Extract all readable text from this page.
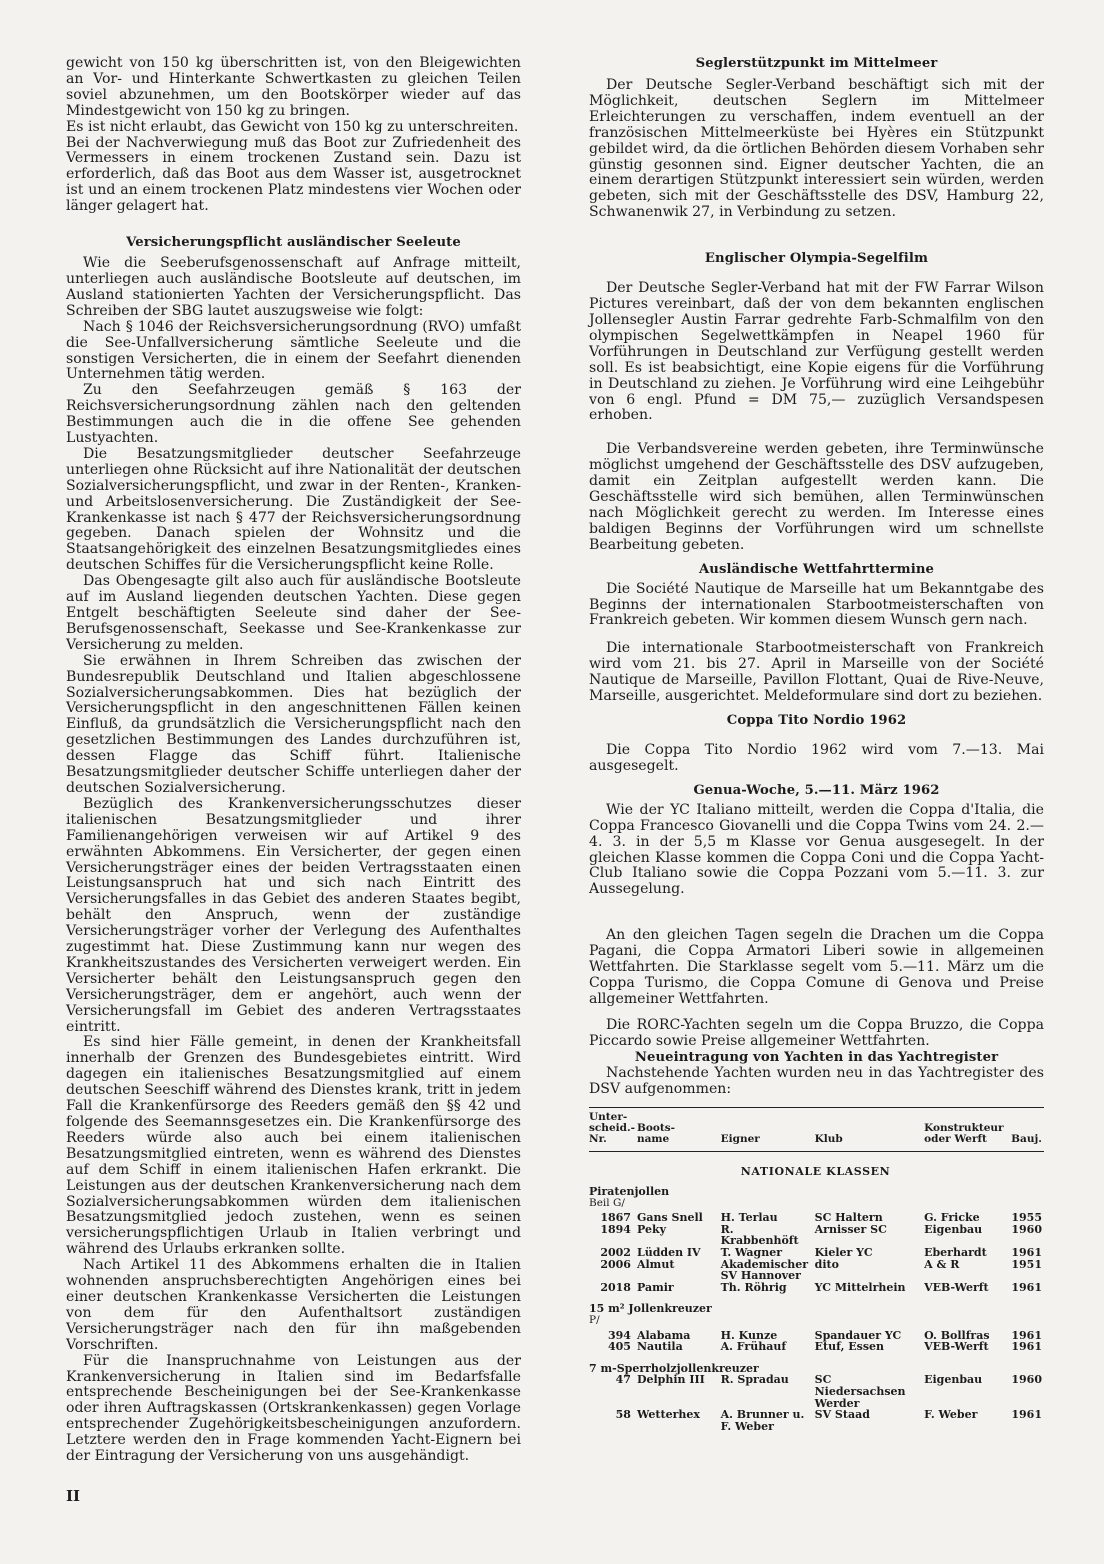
gewicht von 150 kg überschritten ist, von den Bleigewichten an Vor- und Hinterkante Schwertkasten zu gleichen Teilen soviel abzunehmen, um den Bootskörper wieder auf das Mindestgewicht von 150 kg zu bringen.

Es ist nicht erlaubt, das Gewicht von 150 kg zu unterschreiten.

Bei der Nachverwiegung muß das Boot zur Zufriedenheit des Vermessers in einem trockenen Zustand sein. Dazu ist erforderlich, daß das Boot aus dem Wasser ist, ausgetrocknet ist und an einem trockenen Platz mindestens vier Wochen oder länger gelagert hat.

Versicherungspflicht ausländischer Seeleute

Wie die Seeberufsgenossenschaft auf Anfrage mitteilt, unterliegen auch ausländische Bootsleute auf deutschen, im Ausland stationierten Yachten der Versicherungspflicht. Das Schreiben der SBG lautet auszugsweise wie folgt:

Nach § 1046 der Reichsversicherungsordnung (RVO) umfaßt die See-Unfallversicherung sämtliche Seeleute und die sonstigen Versicherten, die in einem der Seefahrt dienenden Unternehmen tätig werden.

Zu den Seefahrzeugen gemäß § 163 der Reichsversicherungsordnung zählen nach den geltenden Bestimmungen auch die in die offene See gehenden Lustyachten.

Die Besatzungsmitglieder deutscher Seefahrzeuge unterliegen ohne Rücksicht auf ihre Nationalität der deutschen Sozialversicherungspflicht, und zwar in der Renten-, Kranken- und Arbeitslosenversicherung. Die Zuständigkeit der See-Krankenkasse ist nach § 477 der Reichsversicherungsordnung gegeben. Danach spielen der Wohnsitz und die Staatsangehörigkeit des einzelnen Besatzungsmitgliedes eines deutschen Schiffes für die Versicherungspflicht keine Rolle.

Das Obengesagte gilt also auch für ausländische Bootsleute auf im Ausland liegenden deutschen Yachten. Diese gegen Entgelt beschäftigten Seeleute sind daher der See-Berufsgenossenschaft, Seekasse und See-Krankenkasse zur Versicherung zu melden.

Sie erwähnen in Ihrem Schreiben das zwischen der Bundesrepublik Deutschland und Italien abgeschlossene Sozialversicherungsabkommen. Dies hat bezüglich der Versicherungspflicht in den angeschnittenen Fällen keinen Einfluß, da grundsätzlich die Versicherungspflicht nach den gesetzlichen Bestimmungen des Landes durchzuführen ist, dessen Flagge das Schiff führt. Italienische Besatzungsmitglieder deutscher Schiffe unterliegen daher der deutschen Sozialversicherung.

Bezüglich des Krankenversicherungsschutzes dieser italienischen Besatzungsmitglieder und ihrer Familienangehörigen verweisen wir auf Artikel 9 des erwähnten Abkommens. Ein Versicherter, der gegen einen Versicherungsträger eines der beiden Vertragsstaaten einen Leistungsanspruch hat und sich nach Eintritt des Versicherungsfalles in das Gebiet des anderen Staates begibt, behält den Anspruch, wenn der zuständige Versicherungsträger vorher der Verlegung des Aufenthaltes zugestimmt hat. Diese Zustimmung kann nur wegen des Krankheitszustandes des Versicherten verweigert werden. Ein Versicherter behält den Leistungsanspruch gegen den Versicherungsträger, dem er angehört, auch wenn der Versicherungsfall im Gebiet des anderen Vertragsstaates eintritt.

Es sind hier Fälle gemeint, in denen der Krankheitsfall innerhalb der Grenzen des Bundesgebietes eintritt. Wird dagegen ein italienisches Besatzungsmitglied auf einem deutschen Seeschiff während des Dienstes krank, tritt in jedem Fall die Krankenfürsorge des Reeders gemäß den §§ 42 und folgende des Seemannsgesetzes ein. Die Krankenfürsorge des Reeders würde also auch bei einem italienischen Besatzungsmitglied eintreten, wenn es während des Dienstes auf dem Schiff in einem italienischen Hafen erkrankt. Die Leistungen aus der deutschen Krankenversicherung nach dem Sozialversicherungsabkommen würden dem italienischen Besatzungsmitglied jedoch zustehen, wenn es seinen versicherungspflichtigen Urlaub in Italien verbringt und während des Urlaubs erkranken sollte.

Nach Artikel 11 des Abkommens erhalten die in Italien wohnenden anspruchsberechtigten Angehörigen eines bei einer deutschen Krankenkasse Versicherten die Leistungen von dem für den Aufenthaltsort zuständigen Versicherungsträger nach den für ihn maßgebenden Vorschriften.

Für die Inanspruchnahme von Leistungen aus der Krankenversicherung in Italien sind im Bedarfsfalle entsprechende Bescheinigungen bei der See-Krankenkasse oder ihren Auftragskassen (Ortskrankenkassen) gegen Vorlage entsprechender Zugehörigkeitsbescheinigungen anzufordern. Letztere werden den in Frage kommenden Yacht-Eignern bei der Eintragung der Versicherung von uns ausgehändigt.

Seglerstützpunkt im Mittelmeer

Der Deutsche Segler-Verband beschäftigt sich mit der Möglichkeit, deutschen Seglern im Mittelmeer Erleichterungen zu verschaffen, indem eventuell an der französischen Mittelmeerküste bei Hyères ein Stützpunkt gebildet wird, da die örtlichen Behörden diesem Vorhaben sehr günstig gesonnen sind. Eigner deutscher Yachten, die an einem derartigen Stützpunkt interessiert sein würden, werden gebeten, sich mit der Geschäftsstelle des DSV, Hamburg 22, Schwanenwik 27, in Verbindung zu setzen.

Englischer Olympia-Segelfilm

Der Deutsche Segler-Verband hat mit der FW Farrar Wilson Pictures vereinbart, daß der von dem bekannten englischen Jollensegler Austin Farrar gedrehte Farb-Schmalfilm von den olympischen Segelwettkämpfen in Neapel 1960 für Vorführungen in Deutschland zur Verfügung gestellt werden soll. Es ist beabsichtigt, eine Kopie eigens für die Vorführung in Deutschland zu ziehen. Je Vorführung wird eine Leihgebühr von 6 engl. Pfund = DM 75,— zuzüglich Versandspesen erhoben.

Die Verbandsvereine werden gebeten, ihre Terminwünsche möglichst umgehend der Geschäftsstelle des DSV aufzugeben, damit ein Zeitplan aufgestellt werden kann. Die Geschäftsstelle wird sich bemühen, allen Terminwünschen nach Möglichkeit gerecht zu werden. Im Interesse eines baldigen Beginns der Vorführungen wird um schnellste Bearbeitung gebeten.

Ausländische Wettfahrttermine

Die Société Nautique de Marseille hat um Bekanntgabe des Beginns der internationalen Starbootmeisterschaften von Frankreich gebeten. Wir kommen diesem Wunsch gern nach.

Die internationale Starbootmeisterschaft von Frankreich wird vom 21. bis 27. April in Marseille von der Société Nautique de Marseille, Pavillon Flottant, Quai de Rive-Neuve, Marseille, ausgerichtet. Meldeformulare sind dort zu beziehen.

Coppa Tito Nordio 1962

Die Coppa Tito Nordio 1962 wird vom 7.—13. Mai ausgesegelt.

Genua-Woche, 5.—11. März 1962

Wie der YC Italiano mitteilt, werden die Coppa d'Italia, die Coppa Francesco Giovanelli und die Coppa Twins vom 24. 2.—4. 3. in der 5,5 m Klasse vor Genua ausgesegelt. In der gleichen Klasse kommen die Coppa Coni und die Coppa Yacht-Club Italiano sowie die Coppa Pozzani vom 5.—11. 3. zur Aussegelung.

An den gleichen Tagen segeln die Drachen um die Coppa Pagani, die Coppa Armatori Liberi sowie in allgemeinen Wettfahrten. Die Starklasse segelt vom 5.—11. März um die Coppa Turismo, die Coppa Comune di Genova und Preise allgemeiner Wettfahrten.

Die RORC-Yachten segeln um die Coppa Bruzzo, die Coppa Piccardo sowie Preise allgemeiner Wettfahrten.

Neueintragung von Yachten in das Yachtregister

Nachstehende Yachten wurden neu in das Yachtregister des DSV aufgenommen:

Unter-
scheid.-
Nr.	Boots-
name	Eigner	Klub	Konstrukteur
oder Werft	Bauj.
NATIONALE KLASSEN					
Piratenjollen					
Beil G/					
1867	Gans Snell	H. Terlau	SC Haltern	G. Fricke	1955
1894	Peky	R. Krabbenhöft	Arnisser SC	Eigenbau	1960
2002	Lüdden IV	T. Wagner	Kieler YC	Eberhardt	1961
2006	Almut	Akademischer SV Hannover	dito	A & R	1951
2018	Pamir	Th. Röhrig	YC Mittelrhein	VEB-Werft	1961

15 m² Jollenkreuzer					
P/					
394	Alabama	H. Kunze	Spandauer YC	O. Bollfras	1961
405	Nautila	A. Frühauf	Etuf, Essen	VEB-Werft	1961

7 m-Sperrholzjollenkreuzer					
47	Delphin III	R. Spradau	SC Niedersachsen Werder	Eigenbau	1960
58	Wetterhex	A. Brunner u. F. Weber	SV Staad	F. Weber	1961

II
